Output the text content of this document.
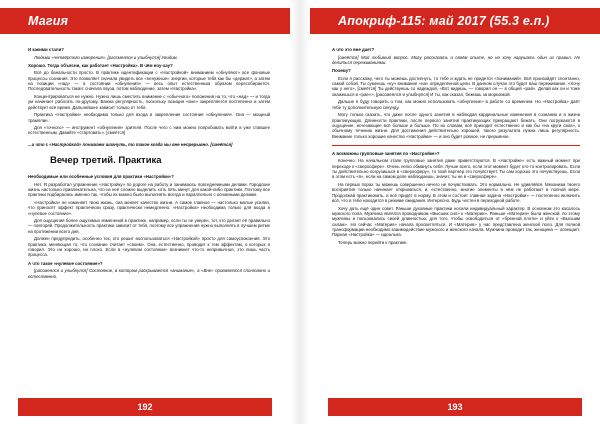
Магия

И какими стали?

Людьми «четвёртого измерения». [рассмеялся и улыбнулся] Увидим.

Хорошо. Тогда объясни, как работает «Настройка». В чём ноу-хау?

Всё до банальности просто. В практике идентификации с «Настройкой» вниманием «обнуляют» все фоновые процессы сознания. Это позволяет сначала увидеть все «ненужные» энергии, которые тебя как бы «держат», а затем на позиции «над» — в состоянии «обнуления» — весь опыт естественным образом пересобирается. Последовательность такая: сначала пауза, потом наблюдение, затем «Настройка».

Концентрироваться не нужно. Нужно лишь сместить внимание с «обычного» положения на то, что «над» — и тогда ум начинает работать по-другому. Важна регулярность, поскольку позиция «вне» закрепляется постепенно и затем действует всё время. Дальнейшее зависит только от тебя.

Практика «Настройки» необходима только для входа в закрепление состояния «обнуления». Она — мощный трамплин.

Для «точного» — инструмент «обнуления» зрителя. После чего с ним можно попробовать войти в уже ставшее естественным. Давайте «стартовать». [смеётся]

...и что с «Настройкой» понимаем шагнуть, то такое когда мы вне непрерывно. [смеётся]

Вечер третий. Практика

Необходимые или особенные условия для практики «Настройки»?

Нет. Я разработал упражнение «Настройку» по дороге на работу и занимаюсь повседневными делами. Городские жизнь настолько привлекательна, что из неё сложно выделить хоть пять минут для какой-либо практики. Поэтому все практики подбирались именно так, чтобы их можно было выполнять всегда и параллельно с основными делами.

«Настройка» не изменяет твою жизнь, она меняет качество жизни. А самое главное — настолько малые усилия, что приносят эффект практически сразу, практически немедленно. «Настройка» необходима только для входа в «нулевое состояние».

Для ощущения более ощутимых изменений в практике, например, если ты не уверен, тот, кто делает её правильно — повторяй. Продолжительность практики зависит от тебя, поэтому все упражнения нужно выполнять в лучшем ритме на протяжении всего дня.

Должен предупредить, особенно тех, кто решит воспользоваться «Настройкой» просто для самоуспокоения. Это практика, меняющая то, что сознание считает «своим». Она, естественно, проводит к тем эффектам, о которых я говорил. Это ни хорошо, ни плохо. Если в «нулевом состоянии» возникнет что-то непривычное, это лишь часть процесса.

А что такое «нулевое состояние»?

[рассмеялся и улыбнулся] Состояние, в котором раскрывается «внимание», а «Вне» проявляется спонтанно и естественно.

192
Апокриф-115: май 2017 (55.3 е.п.)

А что это вне дает?

[смеётся] Мой любимый вопрос. Могу рассказать о своём опыте, но не хочу нарушать один из правил. Не делиться переживаниями.

Почему?

Если я расскажу, чего ты можешь достигнуть, то тебе и ждать не придется «пониманий». Всё произойдёт спонтанно, самой собой. Ты сумеешь «ну» внимание «на» определённой цели. В данном случае это будет ваш переживание. «Хочу как у него», [смеётся] Ты действуешь со надеждой, «Вот видишь, — говорил он — в общей «рай». Делай как он и тоже окажешься в «рае»», [рассмеялся и улыбнулся] И ты, как сказал, бежишь за морковкой.

Дальше я буду говорить о том, как можно использовать «обнуление» в работе со временем. Но «Настройка» даёт тебе ту дополнительную секунду.

Могу только сказать, что даже после одного занятия в наблюдая кардинальные изменения в сознании и в жизни практикующих. Длинности практики, после первого занятия практикующих прекращают бежать. Они погружаются в ощущение, исчезающее всё больше и больше. По их словам, всё приходит естественно и как бы «на круги своя», к обычному течению жизни. Для достижения действительно хорошей, такого результата нужна лишь регулярность. Внимание только хорошие качество «Настройки» — и оно будет ровное, не прерывное.

А возможны групповые занятия по «Настройке»?

Конечно. На начальном этапе групповые занятия даже приветствуются. В «Настройке» есть важный момент при переходе к «сверхсфере». Очень легко обмануть себя. Лучше всего, если этот момент будет кто-то контролировать. Если ты действительно погрузишься в «сверхсферу», то твой партнёр это почувствует. Ты сам хорошо это почувствуешь. Если в этом есть «я», если на самом деле наблюдаешь, значит, ты не в «сверхсфере».

На первых порах ты можешь совершенно нечего не почувствовать. Это нормально. Не удивляйся. Механизм твоего восприятия только начинает открываться, и, естественно, многие элементы в нём не работают в полной мере. Продолжай практиковать, и всё придёт в норму. В этом и состоит главная задача «Настройки» — постепенно включить всё, что в тебе находится в режиме ожидания. Интересно. Будь честен в переходной работе.

Хочу дать ещё один совет. Раньше духовные практики носили индивидуальный характер. В основном это касалось мужского пола. Мужчина являлся проводником «Высших сил» к «Материи». Раньше «Материя» была женской, по этому мужчины и пользовались своей длинностью, для того, чтобы освободиться от «бренной плоти» и уйти к «Высшим силам». Но сейчас «Материя» начала просветляться. И «Материя» у нас представлена женской поло. Для полной трансформации необходимо взаимодействие мужского и женского начала. Мужчина проводит так, женщина — освещает. Парная «Настройка» — идеальна.

Теперь можно перейти к практике.

193
